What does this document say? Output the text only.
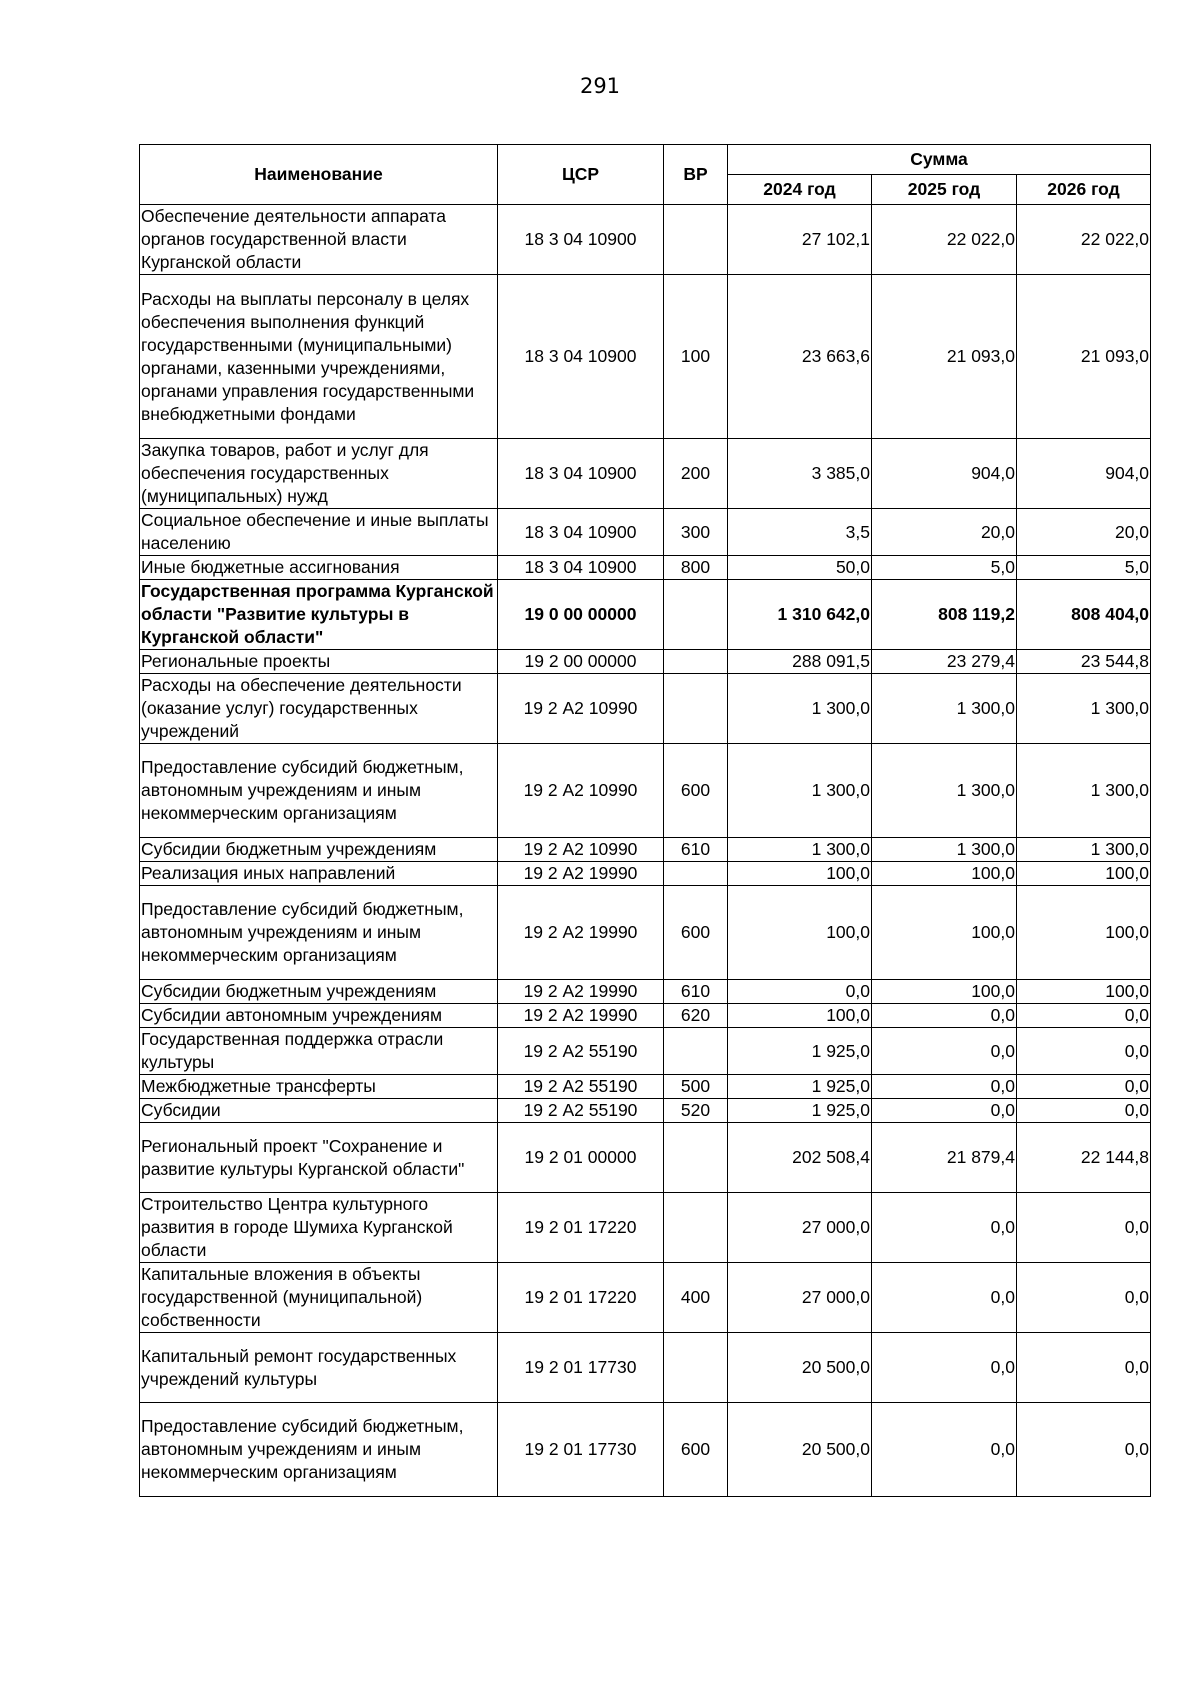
291
Наименование	ЦСР	ВР	Сумма		
			2024 год	2025 год	2026 год
Обеспечение деятельности аппарата органов государственной власти Курганской области	18 3 04 10900		27 102,1	22 022,0	22 022,0
Расходы на выплаты персоналу в целях обеспечения выполнения функций государственными (муниципальными) органами, казенными учреждениями, органами управления государственными внебюджетными фондами	18 3 04 10900	100	23 663,6	21 093,0	21 093,0
Закупка товаров, работ и услуг для обеспечения государственных (муниципальных) нужд	18 3 04 10900	200	3 385,0	904,0	904,0
Социальное обеспечение и иные выплаты населению	18 3 04 10900	300	3,5	20,0	20,0
Иные бюджетные ассигнования	18 3 04 10900	800	50,0	5,0	5,0
Государственная программа Курганской области "Развитие культуры в Курганской области"	19 0 00 00000		1 310 642,0	808 119,2	808 404,0
Региональные проекты	19 2 00 00000		288 091,5	23 279,4	23 544,8
Расходы на обеспечение деятельности (оказание услуг) государственных учреждений	19 2 А2 10990		1 300,0	1 300,0	1 300,0
Предоставление субсидий бюджетным, автономным учреждениям и иным некоммерческим организациям	19 2 А2 10990	600	1 300,0	1 300,0	1 300,0
Субсидии бюджетным учреждениям	19 2 А2 10990	610	1 300,0	1 300,0	1 300,0
Реализация иных направлений	19 2 А2 19990		100,0	100,0	100,0
Предоставление субсидий бюджетным, автономным учреждениям и иным некоммерческим организациям	19 2 А2 19990	600	100,0	100,0	100,0
Субсидии бюджетным учреждениям	19 2 А2 19990	610	0,0	100,0	100,0
Субсидии автономным учреждениям	19 2 А2 19990	620	100,0	0,0	0,0
Государственная поддержка отрасли культуры	19 2 А2 55190		1 925,0	0,0	0,0
Межбюджетные трансферты	19 2 А2 55190	500	1 925,0	0,0	0,0
Субсидии	19 2 А2 55190	520	1 925,0	0,0	0,0
Региональный проект "Сохранение и развитие культуры Курганской области"	19 2 01 00000		202 508,4	21 879,4	22 144,8
Строительство Центра культурного развития в городе Шумиха Курганской области	19 2 01 17220		27 000,0	0,0	0,0
Капитальные вложения в объекты государственной (муниципальной) собственности	19 2 01 17220	400	27 000,0	0,0	0,0
Капитальный ремонт государственных учреждений культуры	19 2 01 17730		20 500,0	0,0	0,0
Предоставление субсидий бюджетным, автономным учреждениям и иным некоммерческим организациям	19 2 01 17730	600	20 500,0	0,0	0,0
